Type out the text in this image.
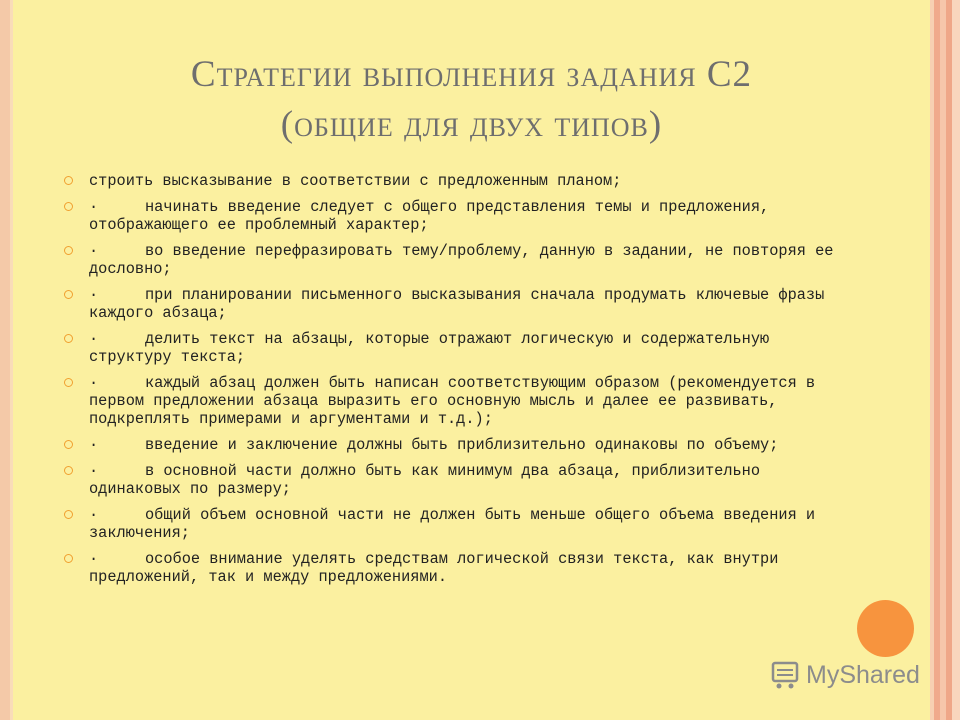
Стратегии выполнения задания С2
(общие для двух типов)
строить высказывание в соответствии с предложенным планом;
·	начинать введение следует с общего представления темы и предложения, отображающего ее проблемный характер;
·	во введение перефразировать тему/проблему, данную в задании, не повторяя ее дословно;
·	при планировании письменного высказывания сначала продумать ключевые фразы каждого абзаца;
·	делить текст на абзацы, которые отражают логическую и содержательную структуру текста;
·	каждый абзац должен быть написан соответствующим образом (рекомендуется в первом предложении абзаца выразить его основную мысль и далее ее развивать, подкреплять примерами и аргументами и т.д.);
·	введение и заключение должны быть приблизительно одинаковы по объему;
·	в основной части должно быть как минимум два абзаца, приблизительно одинаковых по размеру;
·	общий объем основной части не должен быть меньше общего объема введения и заключения;
·	особое внимание уделять средствам логической связи текста, как внутри предложений, так и между предложениями.
MyShared
